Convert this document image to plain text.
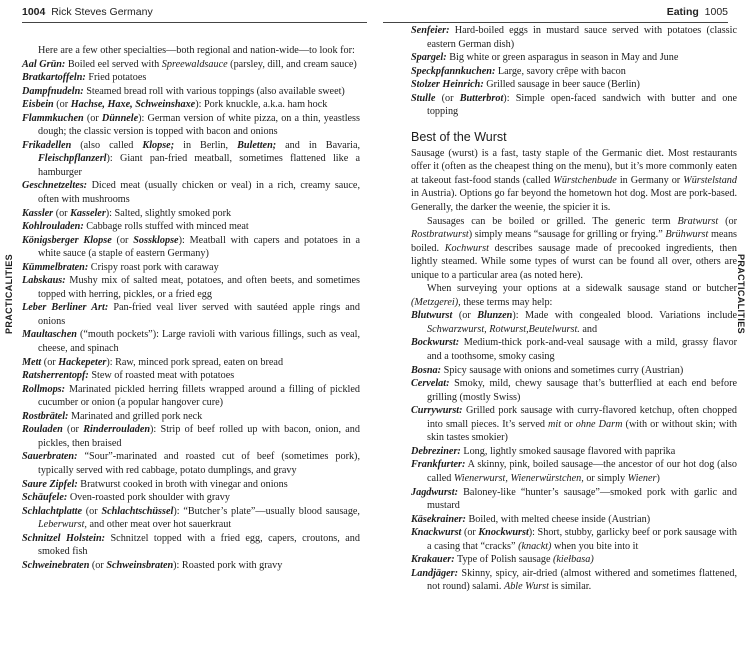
1004 Rick Steves Germany
PRACTICALITIES

Here are a few other specialties—both regional and nation-wide—to look for:

Aal Grün: Boiled eel served with Spreewaldsauce (parsley, dill, and cream sauce)

Bratkartoffeln: Fried potatoes

Dampfnudeln: Steamed bread roll with various toppings (also available sweet)

Eisbein (or Hachse, Haxe, Schweinshaxe): Pork knuckle, a.k.a. ham hock

Flammkuchen (or Dünnele): German version of white pizza, on a thin, yeastless dough; the classic version is topped with bacon and onions

Frikadellen (also called Klopse; in Berlin, Buletten; and in Bavaria, Fleischpflanzerl): Giant pan-fried meatball, sometimes flattened like a hamburger

Geschnetzeltes: Diced meat (usually chicken or veal) in a rich, creamy sauce, often with mushrooms

Kassler (or Kasseler): Salted, slightly smoked pork

Kohlrouladen: Cabbage rolls stuffed with minced meat

Königsberger Klopse (or Sossklopse): Meatball with capers and potatoes in a white sauce (a staple of eastern Germany)

Kümmelbraten: Crispy roast pork with caraway

Labskaus: Mushy mix of salted meat, potatoes, and often beets, and sometimes topped with herring, pickles, or a fried egg

Leber Berliner Art: Pan-fried veal liver served with sautéed apple rings and onions

Maultaschen (“mouth pockets”): Large ravioli with various fillings, such as veal, cheese, and spinach

Mett (or Hackepeter): Raw, minced pork spread, eaten on bread

Ratsherrentopf: Stew of roasted meat with potatoes

Rollmops: Marinated pickled herring fillets wrapped around a filling of pickled cucumber or onion (a popular hangover cure)

Rostbrätel: Marinated and grilled pork neck

Rouladen (or Rinderrouladen): Strip of beef rolled up with bacon, onion, and pickles, then braised

Sauerbraten: “Sour”-marinated and roasted cut of beef (sometimes pork), typically served with red cabbage, potato dumplings, and gravy

Saure Zipfel: Bratwurst cooked in broth with vinegar and onions

Schäufele: Oven-roasted pork shoulder with gravy

Schlachtplatte (or Schlachtschüssel): “Butcher’s plate”—usually blood sausage, Leberwurst, and other meat over hot sauerkraut

Schnitzel Holstein: Schnitzel topped with a fried egg, capers, croutons, and smoked fish

Schweinebraten (or Schweinsbraten): Roasted pork with gravy

Eating 1005
PRACTICALITIES

Senfeier: Hard-boiled eggs in mustard sauce served with potatoes (classic eastern German dish)

Spargel: Big white or green asparagus in season in May and June

Speckpfannkuchen: Large, savory crêpe with bacon

Stolzer Heinrich: Grilled sausage in beer sauce (Berlin)

Stulle (or Butterbrot): Simple open-faced sandwich with butter and one topping

Best of the Wurst

Sausage (wurst) is a fast, tasty staple of the Germanic diet. Most restaurants offer it (often as the cheapest thing on the menu), but it’s more commonly eaten at takeout fast-food stands (called Würstchenbude in Germany or Würstelstand in Austria). Options go far beyond the hometown hot dog. Most are pork-based. Generally, the darker the weenie, the spicier it is.

Sausages can be boiled or grilled. The generic term Bratwurst (or Rostbratwurst) simply means “sausage for grilling or frying.” Brühwurst means boiled. Kochwurst describes sausage made of precooked ingredients, then lightly steamed. While some types of wurst can be found all over, others are unique to a particular area (as noted here).

When surveying your options at a sidewalk sausage stand or butcher (Metzgerei), these terms may help:

Blutwurst (or Blunzen): Made with congealed blood. Variations include Schwarzwurst, Rotwurst,Beutelwurst. and

Bockwurst: Medium-thick pork-and-veal sausage with a mild, grassy flavor and a toothsome, smoky casing

Bosna: Spicy sausage with onions and sometimes curry (Austrian)

Cervelat: Smoky, mild, chewy sausage that’s butterflied at each end before grilling (mostly Swiss)

Currywurst: Grilled pork sausage with curry-flavored ketchup, often chopped into small pieces. It’s served mit or ohne Darm (with or without skin; with skin tastes smokier)

Debreziner: Long, lightly smoked sausage flavored with paprika

Frankfurter: A skinny, pink, boiled sausage—the ancestor of our hot dog (also called Wienerwurst, Wienerwürstchen, or simply Wiener)

Jagdwurst: Baloney-like “hunter’s sausage”—smoked pork with garlic and mustard

Käsekrainer: Boiled, with melted cheese inside (Austrian)

Knackwurst (or Knockwurst): Short, stubby, garlicky beef or pork sausage with a casing that “cracks” (knackt) when you bite into it

Krakauer: Type of Polish sausage (kiełbasa)

Landjäger: Skinny, spicy, air-dried (almost withered and sometimes flattened, not round) salami. Able Wurst is similar.
